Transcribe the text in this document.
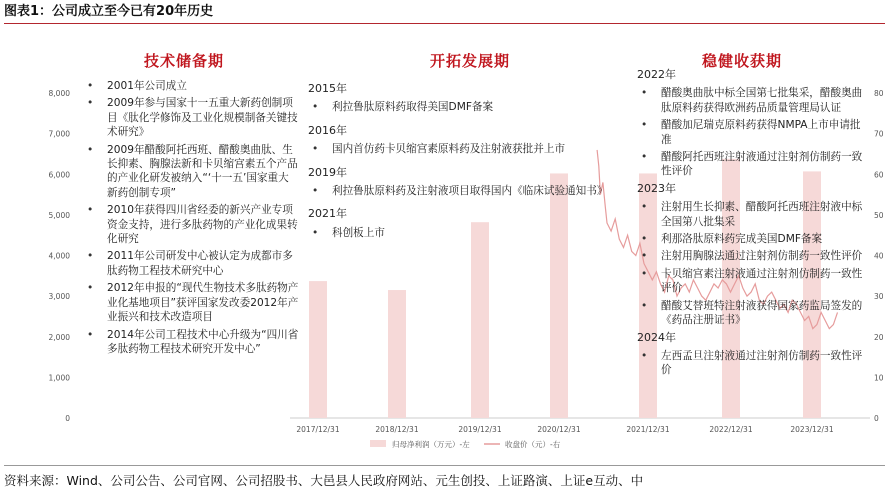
图表1：公司成立至今已有20年历史
0
1,000
2,000
3,000
4,000
5,000
6,000
7,000
8,000
0
10
20
30
40
50
60
70
80
2017/12/31	2018/12/31	2019/12/31	2020/12/31	2021/12/31	2022/12/31	2023/12/31
归母净利润（万元）-左	收盘价（元）-右
技术储备期	开拓发展期	稳健收获期
• 2001年公司成立
• 2009年参与国家十一五重大新药创制项目《肽化学修饰及工业化规模制备关键技术研究》
• 2009年醋酸阿托西班、醋酸奥曲肽、生长抑素、胸腺法新和卡贝缩宫素五个产品的产业化研发被纳入“‘十一五’国家重大新药创制专项”
• 2010年获得四川省经委的新兴产业专项资金支持，进行多肽药物的产业化成果转化研究
• 2011年公司研发中心被认定为成都市多肽药物工程技术研究中心
• 2012年申报的“现代生物技术多肽药物产业化基地项目”获评国家发改委2012年产业振兴和技术改造项目
• 2014年公司工程技术中心升级为“四川省多肽药物工程技术研究开发中心”
2015年
• 利拉鲁肽原料药取得美国DMF备案
2016年
• 国内首仿药卡贝缩宫素原料药及注射液获批并上市
2019年
• 利拉鲁肽原料药及注射液项目取得国内《临床试验通知书》
2021年
• 科创板上市
2022年
• 醋酸奥曲肽中标全国第七批集采，醋酸奥曲肽原料药获得欧洲药品质量管理局认证
• 醋酸加尼瑞克原料药获得NMPA上市申请批准
• 醋酸阿托西班注射液通过注射剂仿制药一致性评价
2023年
• 注射用生长抑素、醋酸阿托西班注射液中标全国第八批集采
• 利那洛肽原料药完成美国DMF备案
• 注射用胸腺法通过注射剂仿制药一致性评价
• 卡贝缩宫素注射液通过注射剂仿制药一致性评价
• 醋酸艾替班特注射液获得国家药监局签发的《药品注册证书》
2024年
• 左西孟旦注射液通过注射剂仿制药一致性评价
资料来源：Wind、公司公告、公司官网、公司招股书、大邑县人民政府网站、元生创投、上证路演、上证e互动、中
